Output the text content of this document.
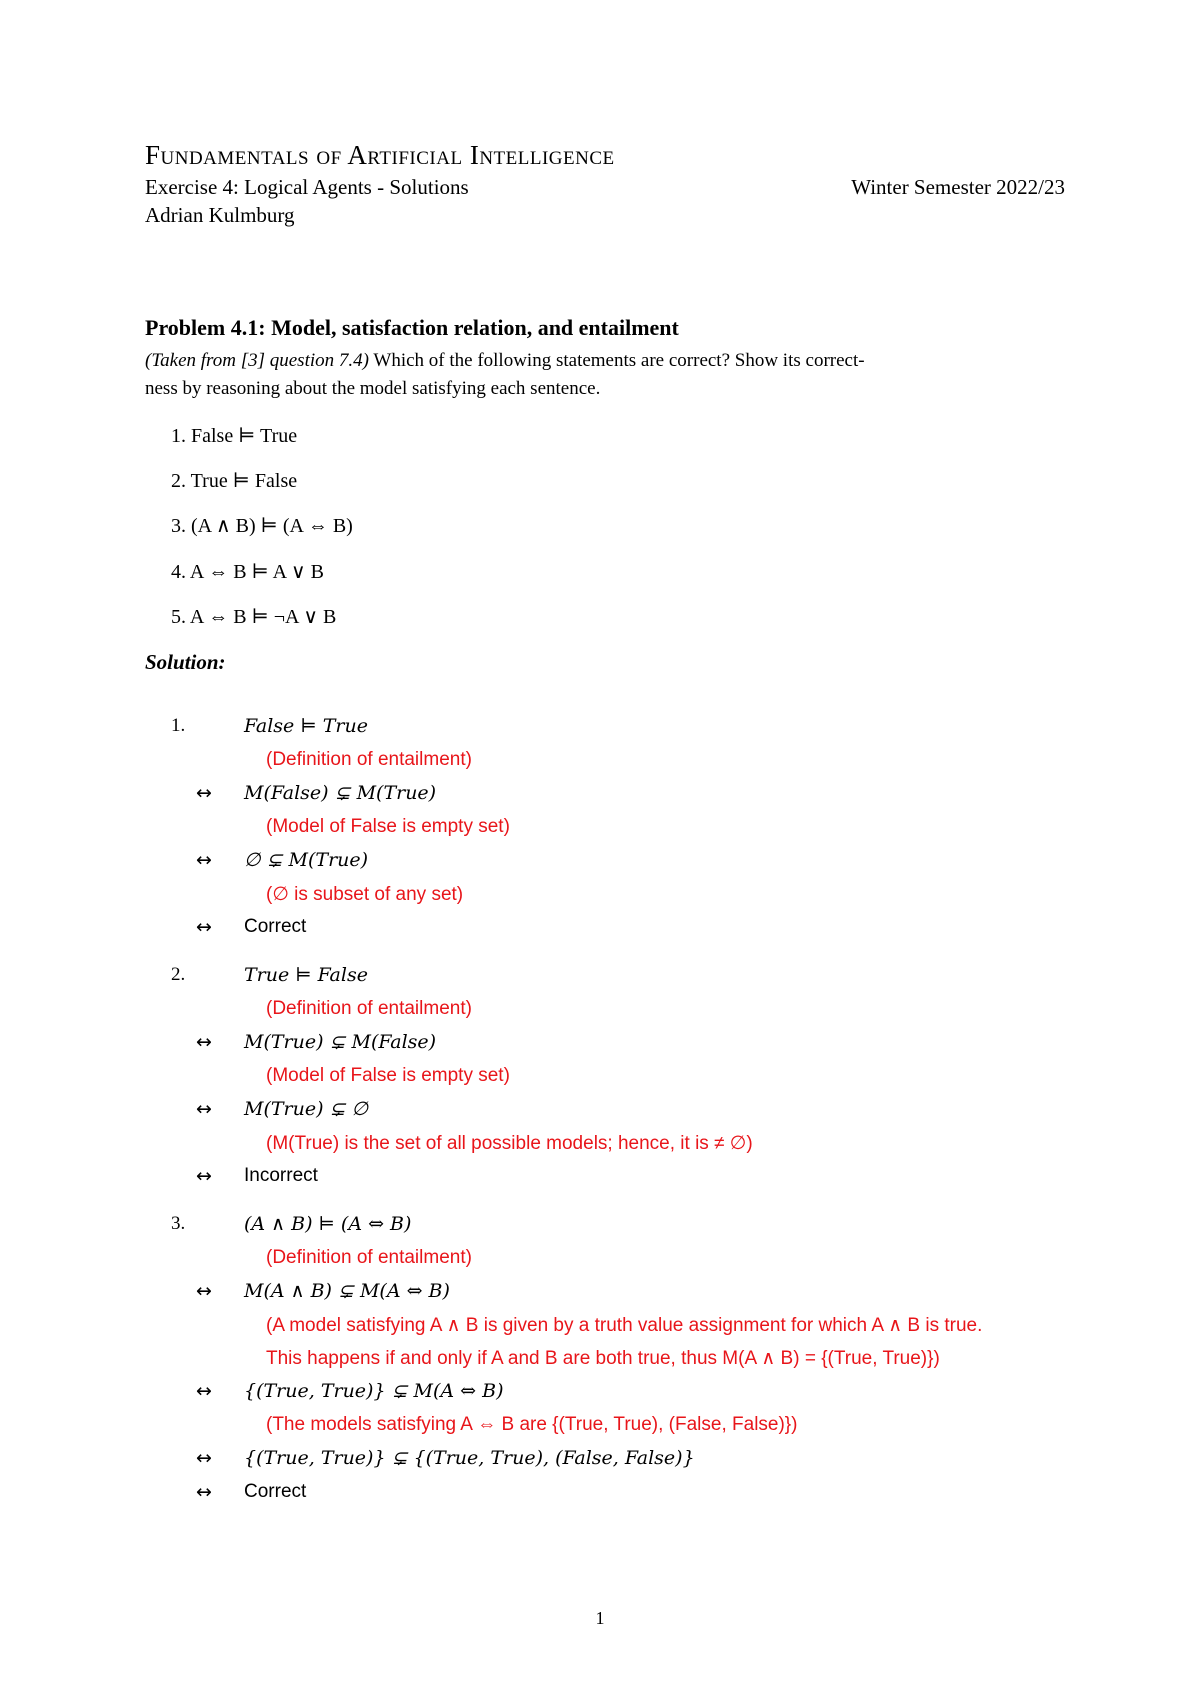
Fundamentals of Artificial Intelligence
Exercise 4: Logical Agents - Solutions	Winter Semester 2022/23
Adrian Kulmburg
Problem 4.1: Model, satisfaction relation, and entailment
(Taken from [3] question 7.4) Which of the following statements are correct? Show its correct-
ness by reasoning about the model satisfying each sentence.
1. False ⊨ True
2. True ⊨ False
3. (A ∧ B) ⊨ (A ⇔ B)
4. A ⇔ B ⊨ A ∨ B
5. A ⇔ B ⊨ ¬A ∨ B
Solution:
1.	False ⊨ True
(Definition of entailment)
↔ M(False) ⊊ M(True)
(Model of False is empty set)
↔ ∅ ⊊ M(True)
(∅ is subset of any set)
↔ Correct
2.	True ⊨ False
(Definition of entailment)
↔ M(True) ⊊ M(False)
(Model of False is empty set)
↔ M(True) ⊊ ∅
(M(True) is the set of all possible models; hence, it is ≠ ∅)
↔ Incorrect
3.	(A ∧ B) ⊨ (A ⇔ B)
(Definition of entailment)
↔ M(A ∧ B) ⊊ M(A ⇔ B)
(A model satisfying A ∧ B is given by a truth value assignment for which A ∧ B is true.
This happens if and only if A and B are both true, thus M(A ∧ B) = {(True, True)})
↔ {(True, True)} ⊊ M(A ⇔ B)
(The models satisfying A ⇔ B are {(True, True), (False, False)})
↔ {(True, True)} ⊊ {(True, True), (False, False)}
↔ Correct
1
